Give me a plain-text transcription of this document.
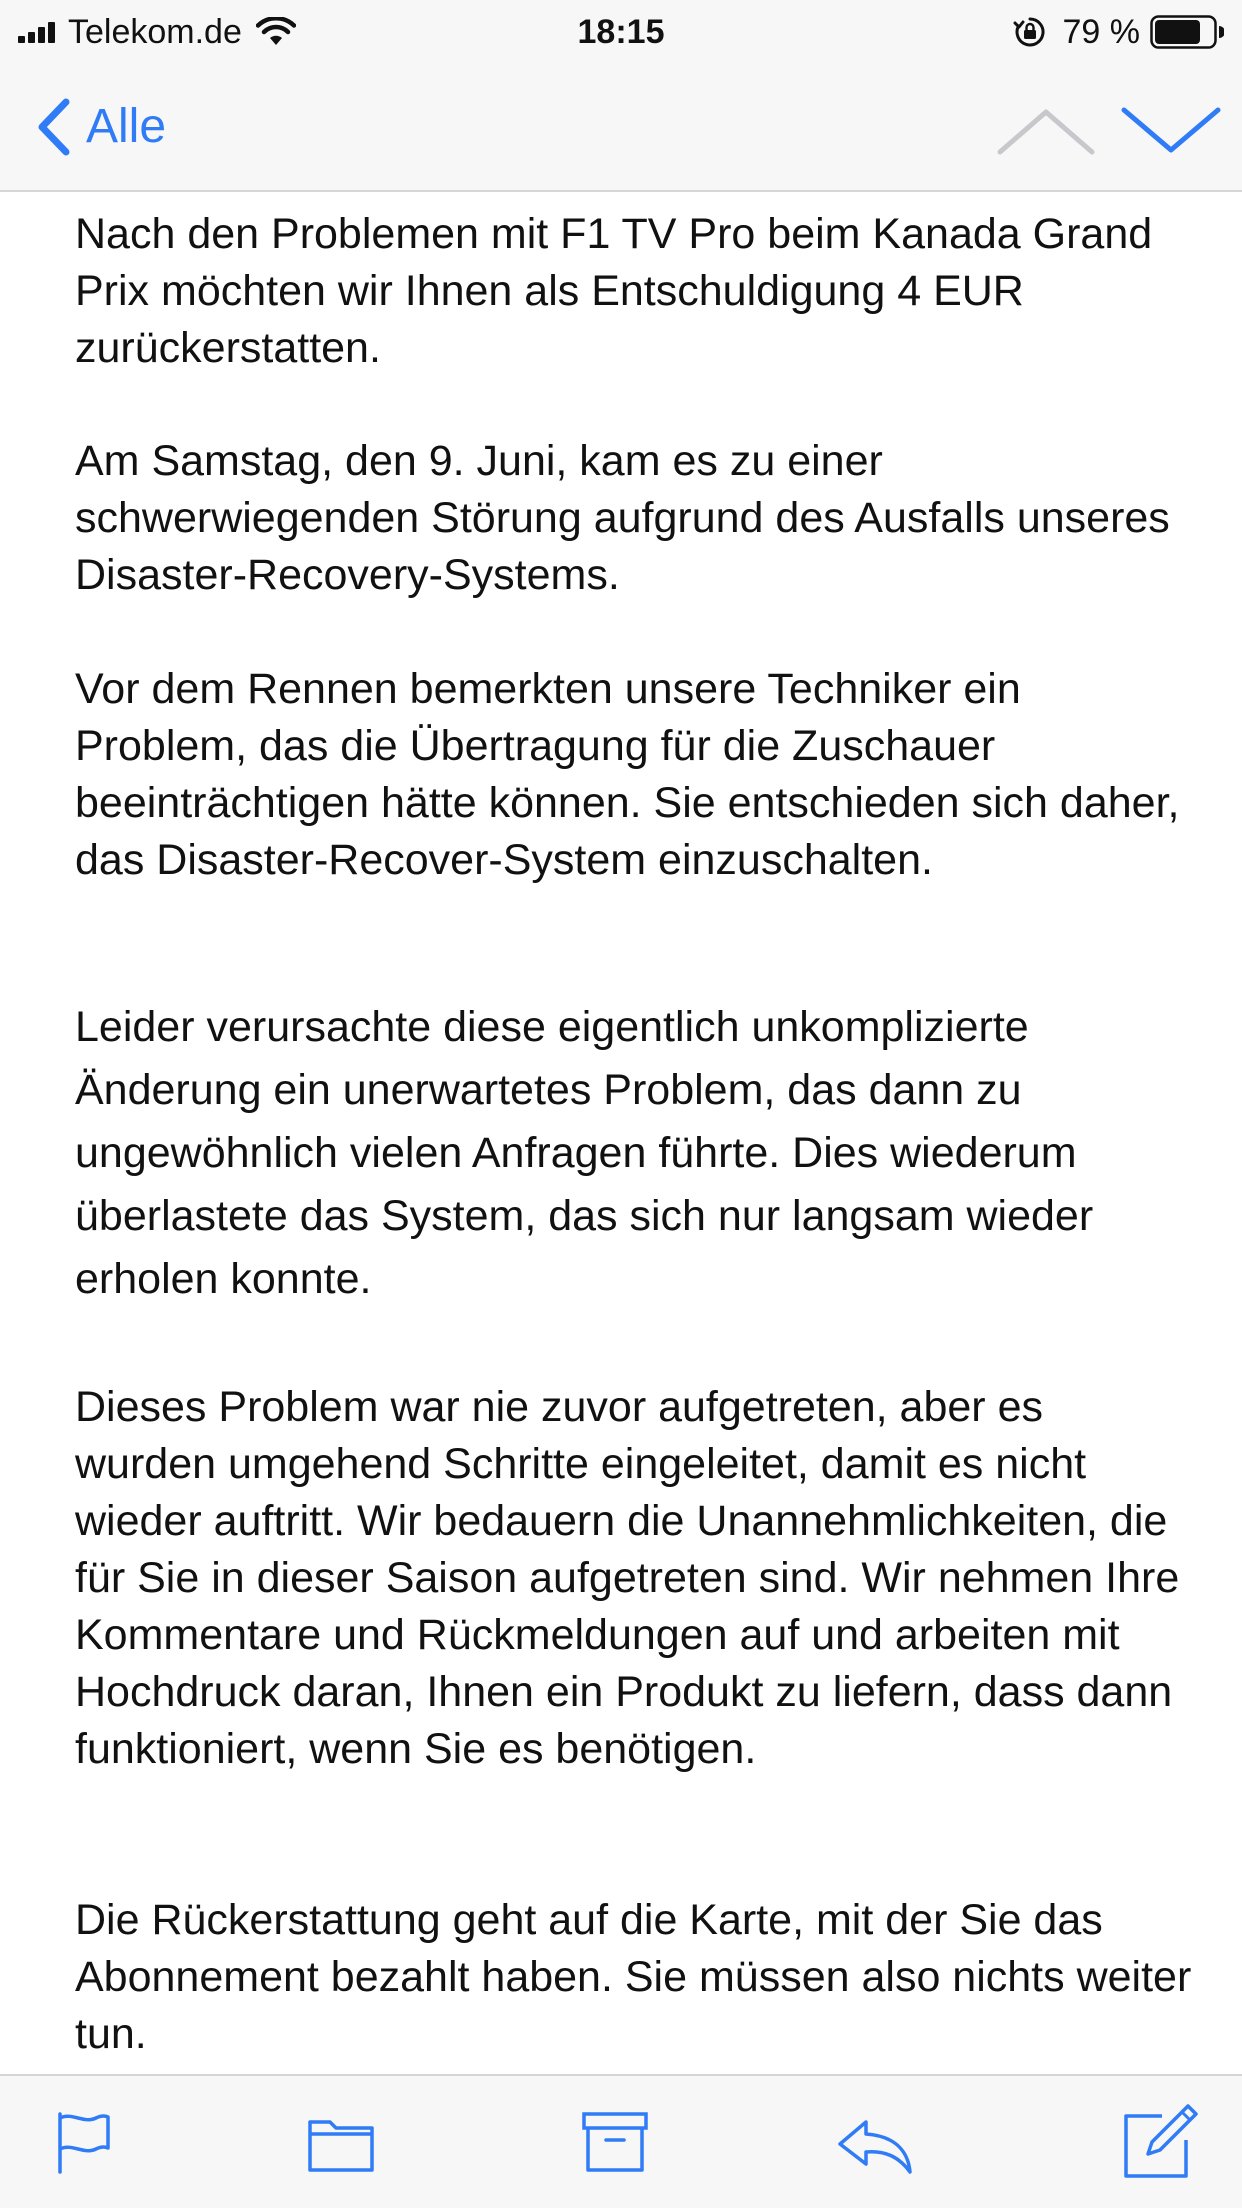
Telekom.de	18:15	79 %
Alle

Nach den Problemen mit F1 TV Pro beim Kanada Grand Prix möchten wir Ihnen als Entschuldigung 4 EUR zurückerstatten.

Am Samstag, den 9. Juni, kam es zu einer schwerwiegenden Störung aufgrund des Ausfalls unseres Disaster-Recovery-Systems.

Vor dem Rennen bemerkten unsere Techniker ein Problem, das die Übertragung für die Zuschauer beeinträchtigen hätte können. Sie entschieden sich daher, das Disaster-Recover-System einzuschalten.

Leider verursachte diese eigentlich unkomplizierte Änderung ein unerwartetes Problem, das dann zu ungewöhnlich vielen Anfragen führte. Dies wiederum überlastete das System, das sich nur langsam wieder erholen konnte.

Dieses Problem war nie zuvor aufgetreten, aber es wurden umgehend Schritte eingeleitet, damit es nicht wieder auftritt. Wir bedauern die Unannehmlichkeiten, die für Sie in dieser Saison aufgetreten sind. Wir nehmen Ihre Kommentare und Rückmeldungen auf und arbeiten mit Hochdruck daran, Ihnen ein Produkt zu liefern, dass dann funktioniert, wenn Sie es benötigen.

Die Rückerstattung geht auf die Karte, mit der Sie das Abonnement bezahlt haben. Sie müssen also nichts weiter tun.
